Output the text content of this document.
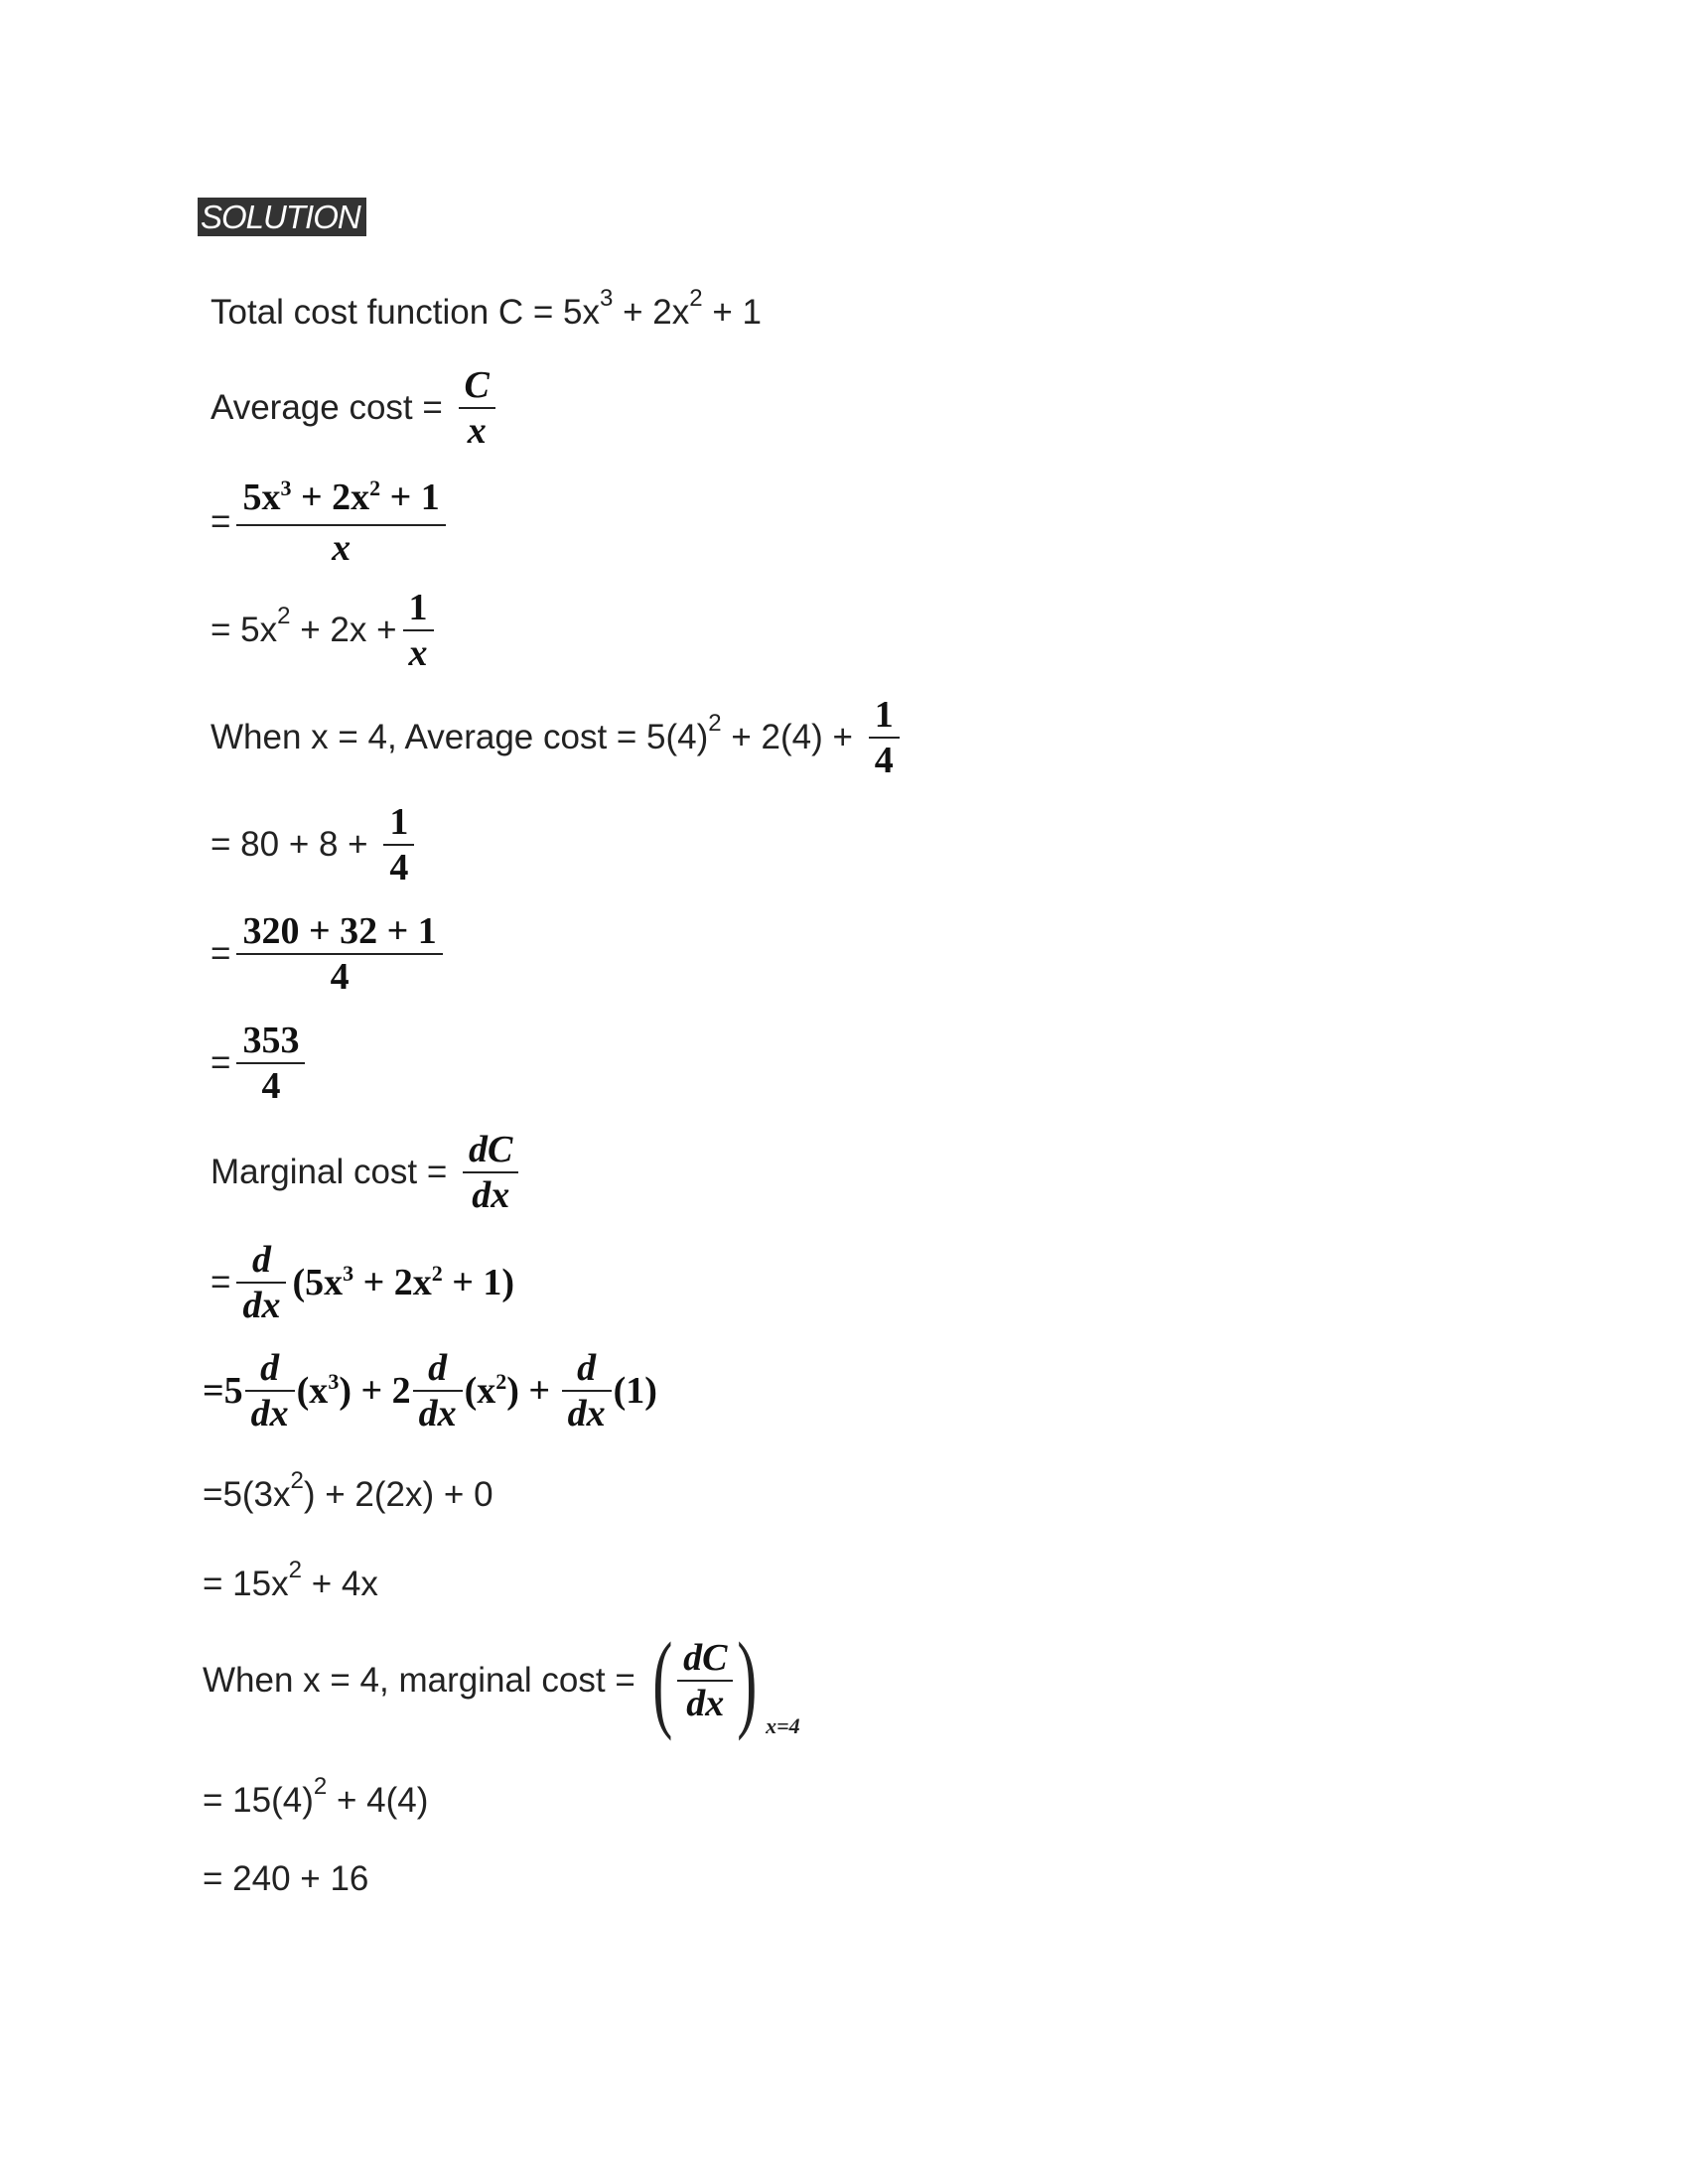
SOLUTION
Total cost function $C = 5x^3 + 2x^2 + 1$
Average $\cos t = \frac{C}{x}$
= $\frac{5x^3 + 2x^2 + 1}{x}$
= $5x^2 + 2x + \frac{1}{x}$
When x = 4, Average $\cos t = 5(4)^2 + 2(4) + \frac{1}{4}$
= $80 + 8 + \frac{1}{4}$
= $\frac{320 + 32 + 1}{4}$
= $\frac{353}{4}$
Marginal $\cos t = \frac{dC}{dx}$
= $\frac{d}{dx} (5x^3 + 2x^2 + 1)$
$=5 \frac{d}{dx} (x^3) + 2 \frac{d}{dx} (x^2) + \frac{d}{dx} (1)$
$=5(3x^2$ ) + 2(2x) + 0
= $15x^2 + 4x$
When x = 4, marginal cost = ( $\frac{dC}{dx}$ ) x=4
= $15(4)^2 + 4(4)$
= 240 + 16
